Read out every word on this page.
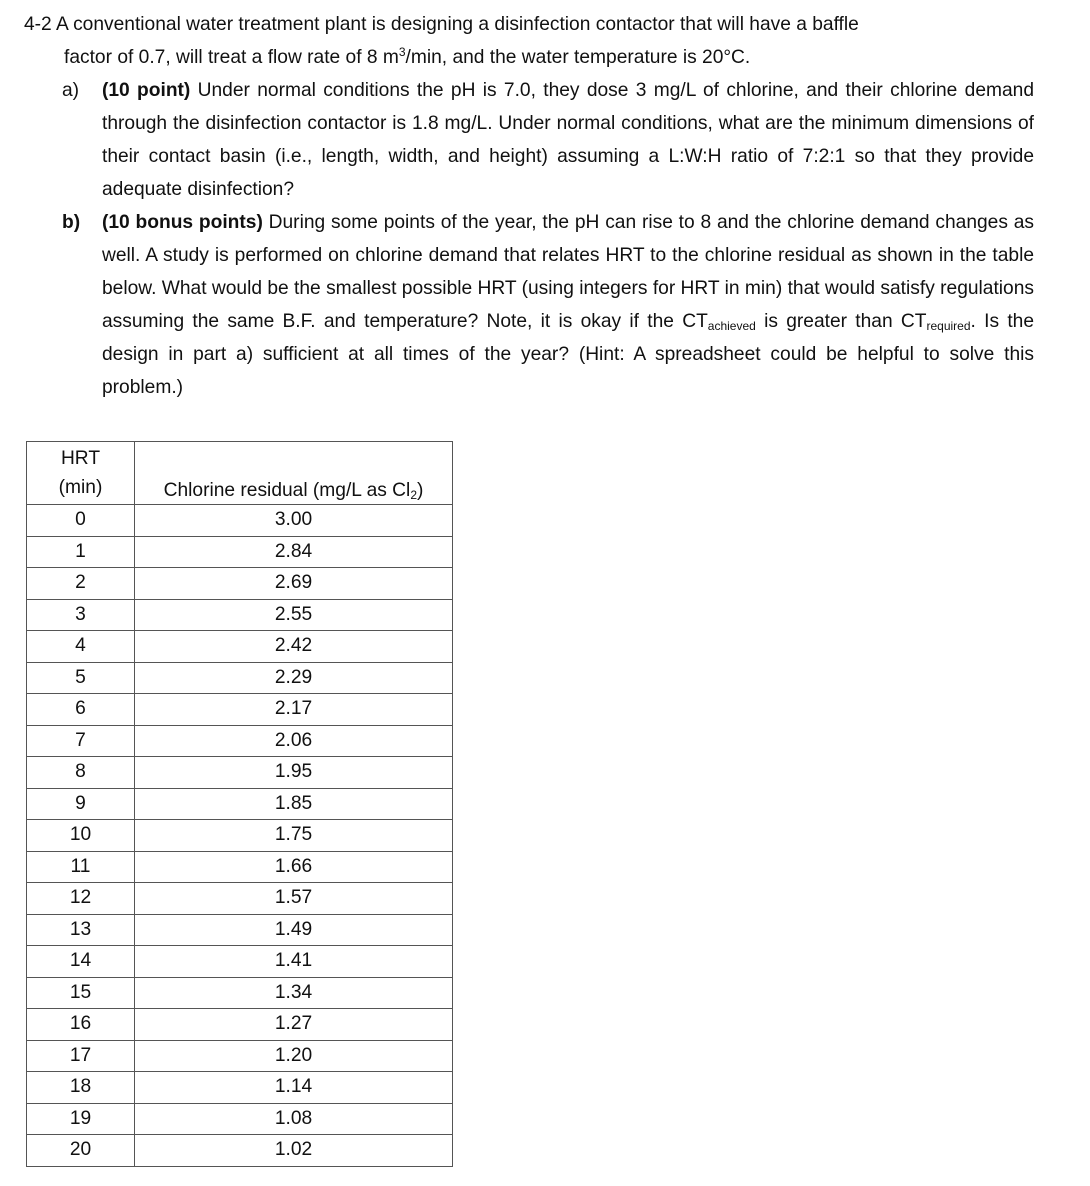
4-2 A conventional water treatment plant is designing a disinfection contactor that will have a baffle
factor of 0.7, will treat a flow rate of 8 $m^3/\min$, and the water temperature is 20°C.
a) (10 point) Under normal conditions the pH is 7.0, they dose 3 mg/L of chlorine, and their chlorine demand through the disinfection contactor is 1.8 mg/L. Under normal conditions, what are the minimum dimensions of their contact basin (i.e., length, width, and height) assuming a L:W:H ratio of 7:2:1 so that they provide adequate disinfection?
b) (10 bonus points) During some points of the year, the pH can rise to 8 and the chlorine demand changes as well. A study is performed on chlorine demand that relates HRT to the chlorine residual as shown in the table below. What would be the smallest possible HRT (using integers for HRT in min) that would satisfy regulations assuming the same B.F. and temperature? Note, it is okay if the $CT_{achieved}$ is greater than $CT_{required}$. Is the design in part a) sufficient at all times of the year? (Hint: A spreadsheet could be helpful to solve this problem.)
HRT
(min)	Chlorine residual (mg/L as $Cl_2$)
0	3.00
1	2.84
2	2.69
3	2.55
4	2.42
5	2.29
6	2.17
7	2.06
8	1.95
9	1.85
10	1.75
11	1.66
12	1.57
13	1.49
14	1.41
15	1.34
16	1.27
17	1.20
18	1.14
19	1.08
20	1.02
